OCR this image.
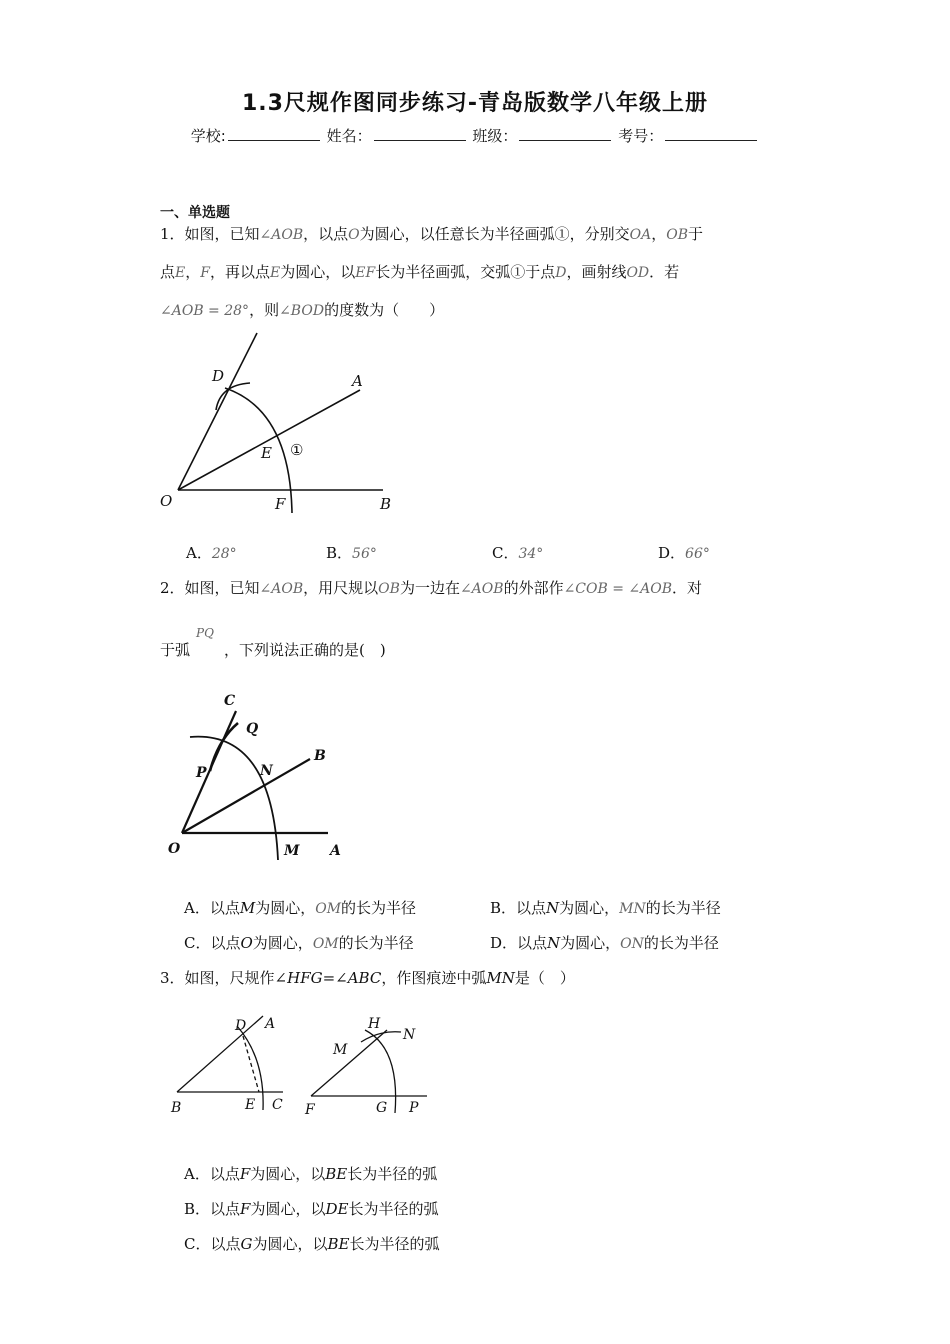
1.3尺规作图同步练习-青岛版数学八年级上册
学校:	姓名：	班级：	考号：
一、单选题
1．如图，已知∠AOB，以点O为圆心，以任意长为半径画弧①，分别交OA，OB于
点E，F，再以点E为圆心，以EF长为半径画弧，交弧①于点D，画射线OD．若
∠AOB = 28°，则∠BOD的度数为（　　）
D	A
E
O	F	B
①
A．28°	B．56°	C．34°	D．66°
2．如图，已知∠AOB，用尺规以OB为一边在∠AOB的外部作∠COB = ∠AOB．对
PQ
于弧 ，下列说法正确的是(　)
C
Q
B
P	N
O	M A
A．以点M为圆心，OM的长为半径	B．以点N为圆心，MN的长为半径
C．以点O为圆心，OM的长为半径	D．以点N为圆心，ON的长为半径
3．如图，尺规作∠HFG=∠ABC，作图痕迹中弧MN是（　）
D A
B	E C
H
N
M
F	G P
A．以点F为圆心，以BE长为半径的弧
B．以点F为圆心，以DE长为半径的弧
C．以点G为圆心，以BE长为半径的弧
